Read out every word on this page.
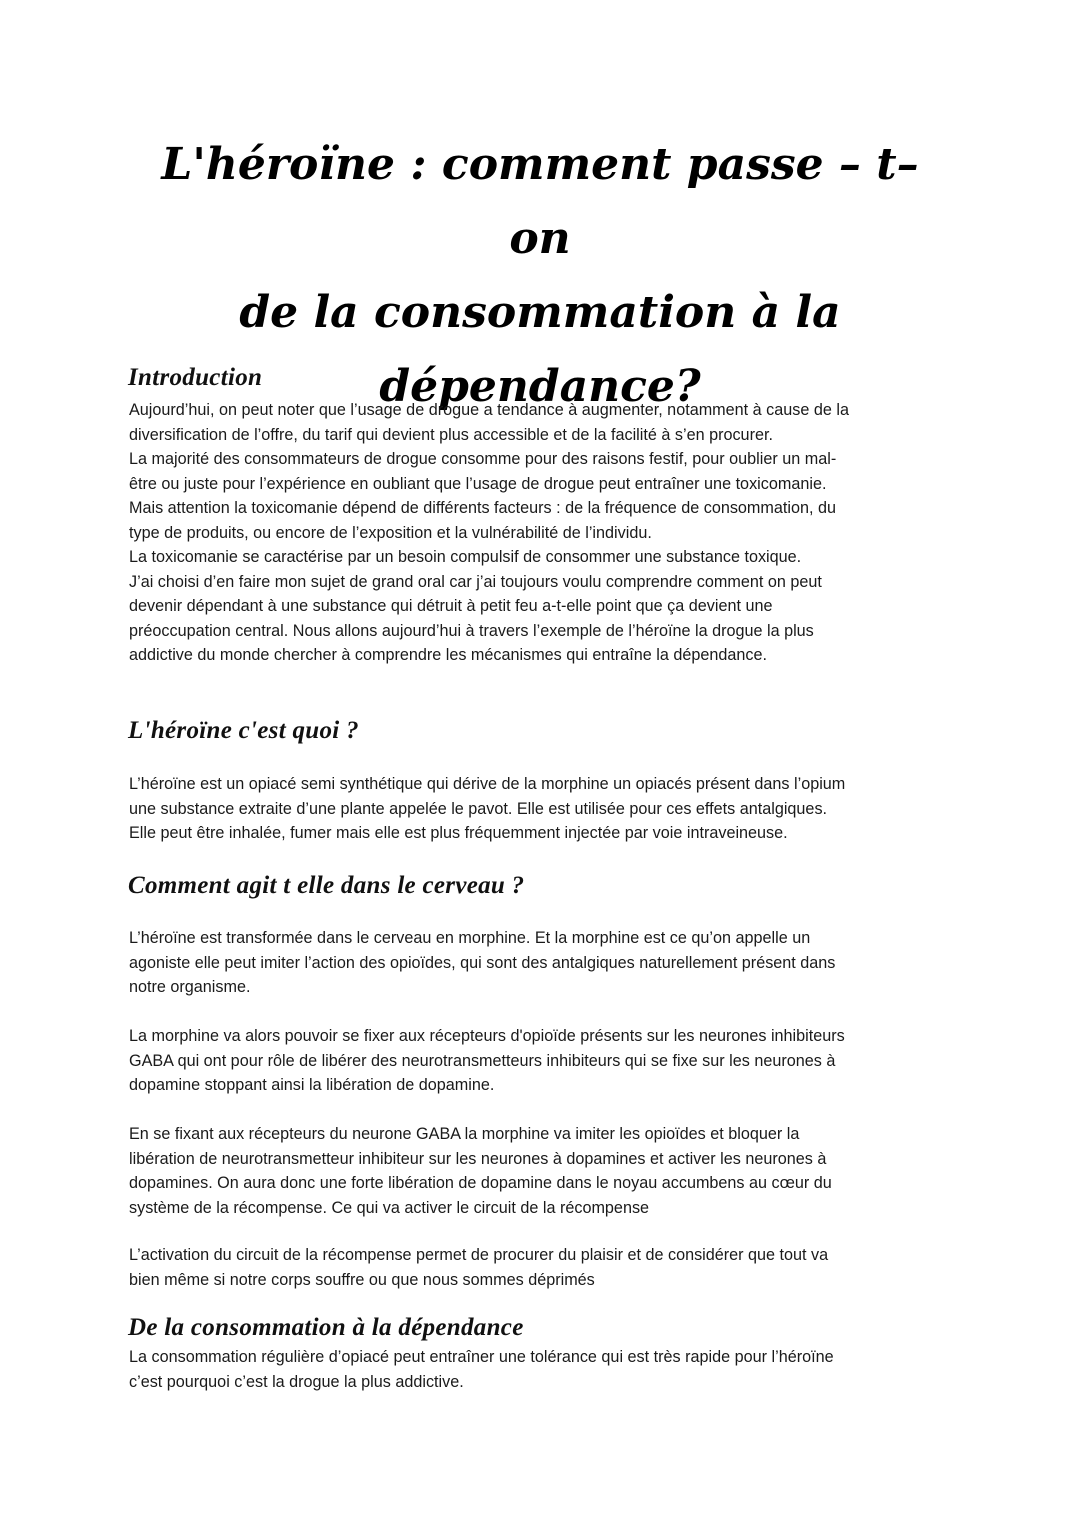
L'héroïne : comment passe – t– on
de la consommation à la
dépendance?
Introduction
Aujourd’hui, on peut noter que l’usage de drogue a tendance à augmenter, notamment à cause de la
diversification de l’offre, du tarif qui devient plus accessible et de la facilité à s’en procurer.
La majorité des consommateurs de drogue consomme pour des raisons festif, pour oublier un mal-
être ou juste pour l’expérience en oubliant que l’usage de drogue peut entraîner une toxicomanie.
Mais attention la toxicomanie dépend de différents facteurs : de la fréquence de consommation, du
type de produits, ou encore de l’exposition et la vulnérabilité de l’individu.
La toxicomanie se caractérise par un besoin compulsif de consommer une substance toxique.
J’ai choisi d’en faire mon sujet de grand oral car j’ai toujours voulu comprendre comment on peut
devenir dépendant à une substance qui détruit à petit feu a-t-elle point que ça devient une
préoccupation central. Nous allons aujourd’hui à travers l’exemple de l’héroïne la drogue la plus
addictive du monde chercher à comprendre les mécanismes qui entraîne la dépendance.
L'héroïne c'est quoi ?
L’héroïne est un opiacé semi synthétique qui dérive de la morphine un opiacés présent dans l’opium
une substance extraite d’une plante appelée le pavot. Elle est utilisée pour ces effets antalgiques.
Elle peut être inhalée, fumer mais elle est plus fréquemment injectée par voie intraveineuse.
Comment agit t elle dans le cerveau ?
L’héroïne est transformée dans le cerveau en morphine. Et la morphine est ce qu’on appelle un
agoniste elle peut imiter l’action des opioïdes, qui sont des antalgiques naturellement présent dans
notre organisme.
La morphine va alors pouvoir se fixer aux récepteurs d'opioïde présents sur les neurones inhibiteurs
GABA qui ont pour rôle de libérer des neurotransmetteurs inhibiteurs qui se fixe sur les neurones à
dopamine stoppant ainsi la libération de dopamine.
En se fixant aux récepteurs du neurone GABA la morphine va imiter les opioïdes et bloquer la
libération de neurotransmetteur inhibiteur sur les neurones à dopamines et activer les neurones à
dopamines. On aura donc une forte libération de dopamine dans le noyau accumbens au cœur du
système de la récompense. Ce qui va activer le circuit de la récompense
L’activation du circuit de la récompense permet de procurer du plaisir et de considérer que tout va
bien même si notre corps souffre ou que nous sommes déprimés
De la consommation à la dépendance
La consommation régulière d’opiacé peut entraîner une tolérance qui est très rapide pour l’héroïne
c’est pourquoi c’est la drogue la plus addictive.
